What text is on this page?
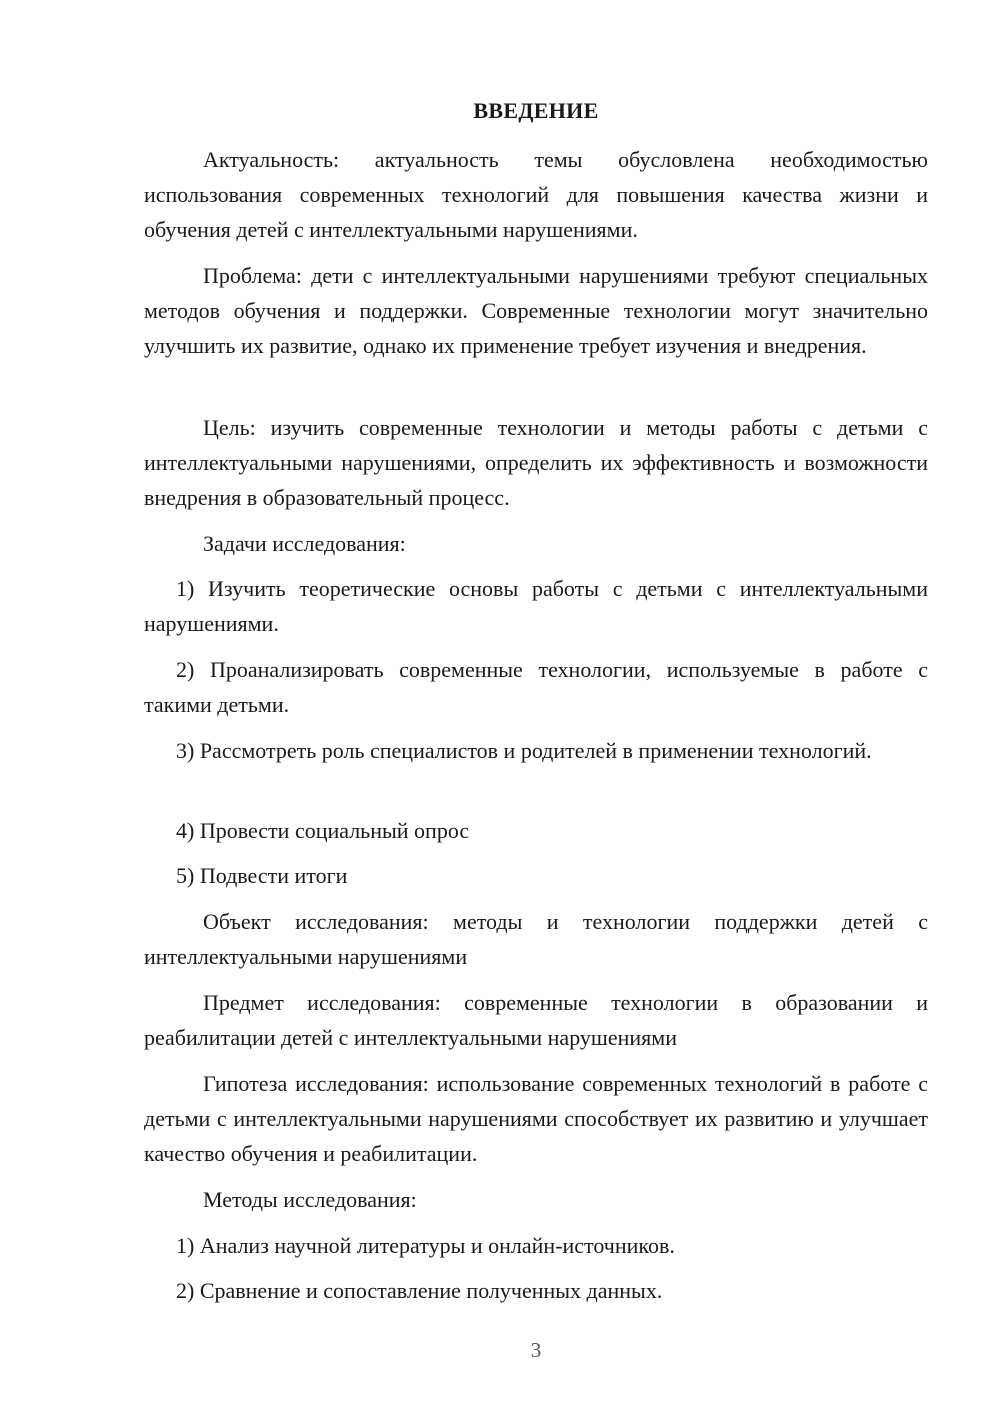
ВВЕДЕНИЕ

Актуальность: актуальность темы обусловлена необходимостью использования современных технологий для повышения качества жизни и обучения детей с интеллектуальными нарушениями.

Проблема: дети с интеллектуальными нарушениями требуют специальных методов обучения и поддержки. Современные технологии могут значительно улучшить их развитие, однако их применение требует изучения и внедрения.

Цель: изучить современные технологии и методы работы с детьми с интеллектуальными нарушениями, определить их эффективность и возможности внедрения в образовательный процесс.

Задачи исследования:

1) Изучить теоретические основы работы с детьми с интеллектуальными нарушениями.

2) Проанализировать современные технологии, используемые в работе с такими детьми.

3) Рассмотреть роль специалистов и родителей в применении технологий.

4) Провести социальный опрос

5) Подвести итоги

Объект исследования: методы и технологии поддержки детей с интеллектуальными нарушениями

Предмет исследования: современные технологии в образовании и реабилитации детей с интеллектуальными нарушениями

Гипотеза исследования: использование современных технологий в работе с детьми с интеллектуальными нарушениями способствует их развитию и улучшает качество обучения и реабилитации.

Методы исследования:

1) Анализ научной литературы и онлайн-источников.

2) Сравнение и сопоставление полученных данных.

3
